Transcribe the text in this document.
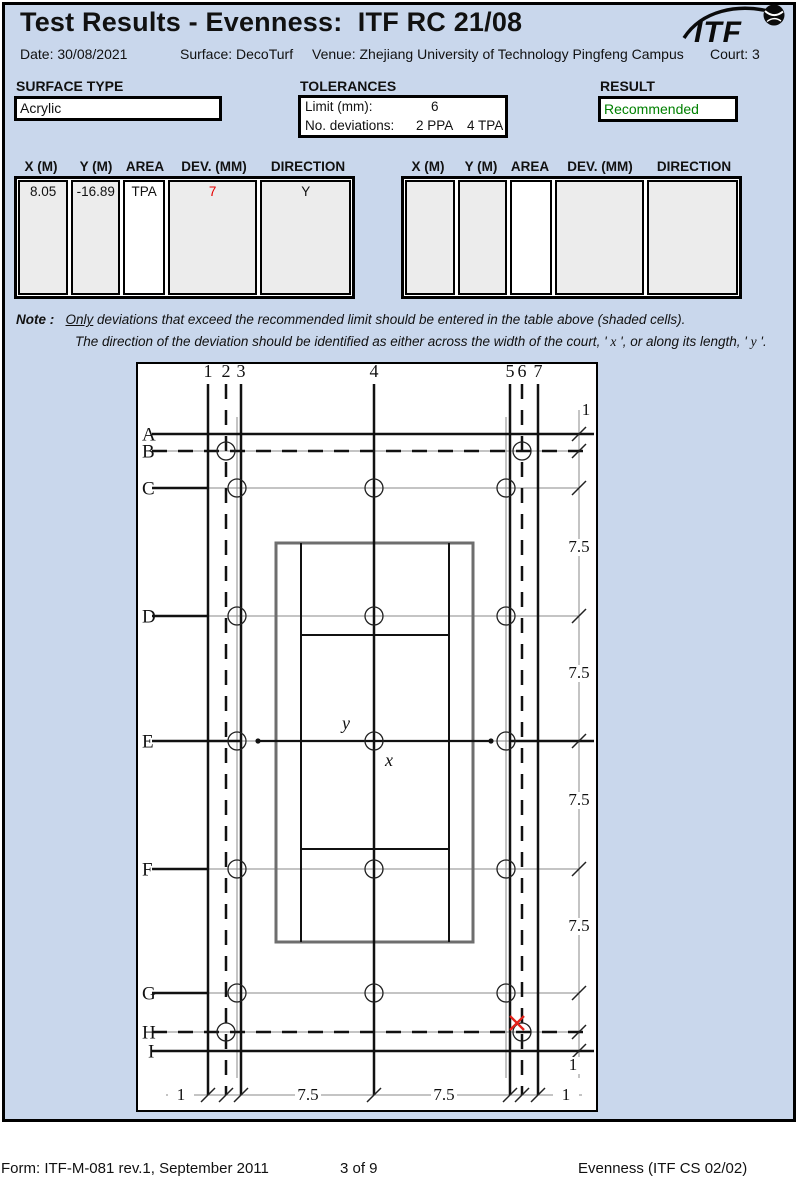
Test Results - Evenness:  ITF RC 21/08	ITF
Date: 30/08/2021	Surface: DecoTurf Venue: Zhejiang University of Technology Pingfeng Campus Court: 3
SURFACE TYPE	TOLERANCES	RESULT
Acrylic	Limit (mm):	6
No. deviations: 2 PPA 4 TPA
Recommended
X (M) Y (M) AREA DEV. (MM) DIRECTION	X (M) Y (M) AREA DEV. (MM) DIRECTION
8.05	-16.89	TPA	7	Y
Note : Only deviations that exceed the recommended limit should be entered in the table above (shaded cells).
The direction of the deviation should be identified as either across the width of the court, ' x ', or along its length, ' y '.
1 2 3	4	5 6 7
A
B
C
D
E
F
G
H
I
y
x
1
7.5
7.5
7.5
7.5
1
1	7.5	7.5	1
Form: ITF-M-081 rev.1, September 2011	3 of 9	Evenness (ITF CS 02/02)
